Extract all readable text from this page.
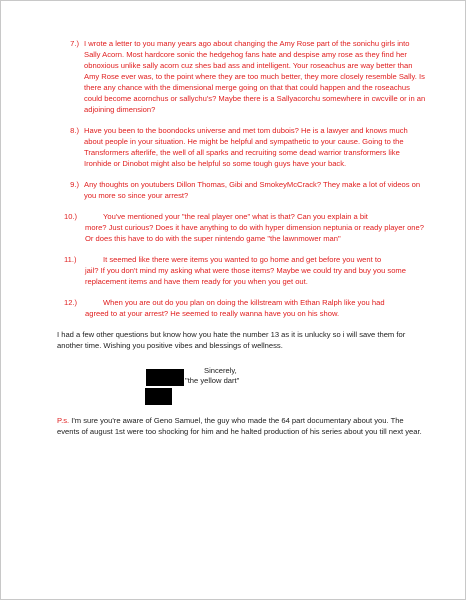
7.) I wrote a letter to you many years ago about changing the Amy Rose part of the sonichu girls into Sally Acorn. Most hardcore sonic the hedgehog fans hate and despise amy rose as they find her obnoxious unlike sally acorn cuz shes bad ass and intelligent. Your roseachus are way better than Amy Rose ever was, to the point where they are too much better, they more closely resemble Sally. Is there any chance with the dimensional merge going on that that could happen and the roseachus could become acornchus or sallychu's? Maybe there is a Sallyacorchu somewhere in cwcville or in an adjoining dimension?
8.) Have you been to the boondocks universe and met tom dubois? He is a lawyer and knows much about people in your situation. He might be helpful and sympathetic to your cause. Going to the Transformers afterlife, the well of all sparks and recruiting some dead warrior transformers like Ironhide or Dinobot might also be helpful so some tough guys have your back.
9.) Any thoughts on youtubers Dillon Thomas, Gibi and SmokeyMcCrack? They make a lot of videos on you more so since your arrest?
10.)	You've mentioned your "the real player one" what is that? Can you explain a bit
more? Just curious? Does it have anything to do with hyper dimension neptunia or ready player one? Or does this have to do with the super nintendo game "the lawnmower man"
11.)	It seemed like there were items you wanted to go home and get before you went to
jail? If you don't mind my asking what were those items? Maybe we could try and buy you some replacement items and have them ready for you when you get out.
12.)	When you are out do you plan on doing the killstream with Ethan Ralph like you had
agreed to at your arrest? He seemed to really wanna have you on his show.
I had a few other questions but know how you hate the number 13 as it is unlucky so i will save them for another time. Wishing you positive vibes and blessings of wellness.
Sincerely,
"the yellow dart"
P.s. I'm sure you're aware of Geno Samuel, the guy who made the 64 part documentary about you. The events of august 1st were too shocking for him and he halted production of his series about you till next year.
